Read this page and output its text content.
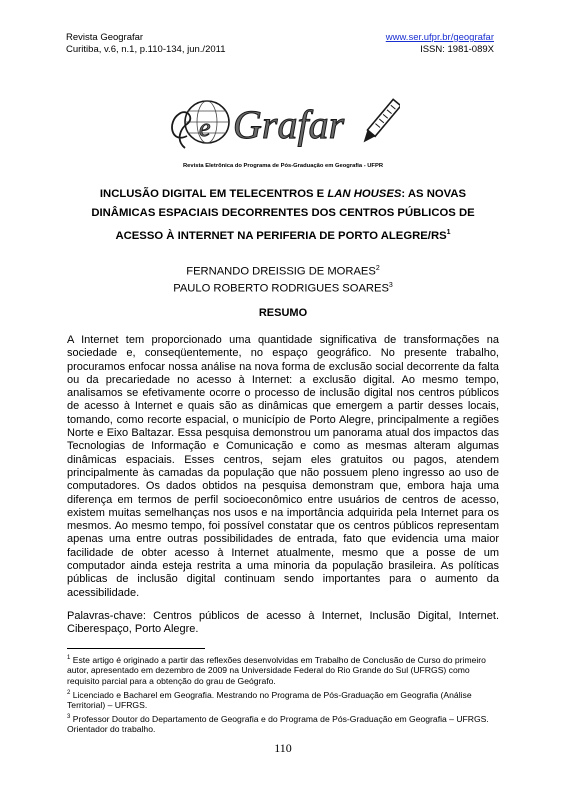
Revista Geografar
Curitiba, v.6, n.1, p.110-134, jun./2011
www.ser.ufpr.br/geografar
ISSN: 1981-089X
e Grafar
Revista Eletrônica do Programa de Pós-Graduação em Geografia - UFPR
INCLUSÃO DIGITAL EM TELECENTROS E LAN HOUSES: AS NOVAS DINÂMICAS ESPACIAIS DECORRENTES DOS CENTROS PÚBLICOS DE ACESSO À INTERNET NA PERIFERIA DE PORTO ALEGRE/$RS^1$
FERNANDO DREISSIG DE MORAES$^2$
PAULO ROBERTO RODRIGUES SOARES$^3$
RESUMO
A Internet tem proporcionado uma quantidade significativa de transformações na sociedade e, conseqüentemente, no espaço geográfico. No presente trabalho, procuramos enfocar nossa análise na nova forma de exclusão social decorrente da falta ou da precariedade no acesso à Internet: a exclusão digital. Ao mesmo tempo, analisamos se efetivamente ocorre o processo de inclusão digital nos centros públicos de acesso à Internet e quais são as dinâmicas que emergem a partir desses locais, tomando, como recorte espacial, o município de Porto Alegre, principalmente a regiões Norte e Eixo Baltazar. Essa pesquisa demonstrou um panorama atual dos impactos das Tecnologias de Informação e Comunicação e como as mesmas alteram algumas dinâmicas espaciais. Esses centros, sejam eles gratuitos ou pagos, atendem principalmente às camadas da população que não possuem pleno ingresso ao uso de computadores. Os dados obtidos na pesquisa demonstram que, embora haja uma diferença em termos de perfil socioeconômico entre usuários de centros de acesso, existem muitas semelhanças nos usos e na importância adquirida pela Internet para os mesmos. Ao mesmo tempo, foi possível constatar que os centros públicos representam apenas uma entre outras possibilidades de entrada, fato que evidencia uma maior facilidade de obter acesso à Internet atualmente, mesmo que a posse de um computador ainda esteja restrita a uma minoria da população brasileira. As políticas públicas de inclusão digital continuam sendo importantes para o aumento da acessibilidade.
Palavras-chave: Centros públicos de acesso à Internet, Inclusão Digital, Internet. Ciberespaço, Porto Alegre.
$^1$ Este artigo é originado a partir das reflexões desenvolvidas em Trabalho de Conclusão de Curso do primeiro autor, apresentado em dezembro de 2009 na Universidade Federal do Rio Grande do Sul (UFRGS) como requisito parcial para a obtenção do grau de Geógrafo.
$^2$ Licenciado e Bacharel em Geografia. Mestrando no Programa de Pós-Graduação em Geografia (Análise Territorial) – UFRGS.
$^3$ Professor Doutor do Departamento de Geografia e do Programa de Pós-Graduação em Geografia – UFRGS. Orientador do trabalho.
110
